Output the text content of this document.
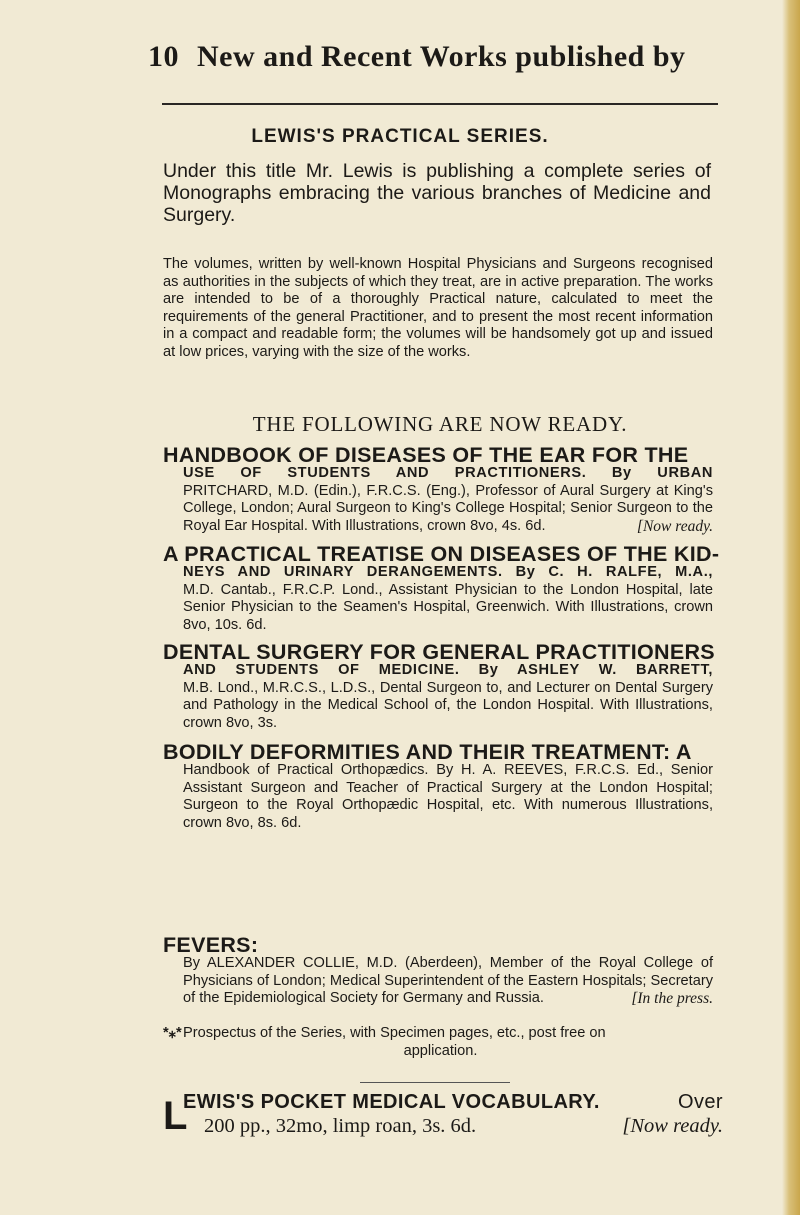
10 New and Recent Works published by
LEWIS'S PRACTICAL SERIES.
Under this title Mr. Lewis is publishing a complete series of Monographs embracing the various branches of Medicine and Surgery.
The volumes, written by well-known Hospital Physicians and Surgeons recognised as authorities in the subjects of which they treat, are in active preparation. The works are intended to be of a thoroughly Practical nature, calculated to meet the requirements of the general Practitioner, and to present the most recent information in a compact and readable form; the volumes will be handsomely got up and issued at low prices, varying with the size of the works.
THE FOLLOWING ARE NOW READY.
HANDBOOK OF DISEASES OF THE EAR FOR THE
USE OF STUDENTS AND PRACTITIONERS. By URBAN
PRITCHARD, M.D. (Edin.), F.R.C.S. (Eng.), Professor of Aural Surgery at King's College, London; Aural Surgeon to King's College Hospital; Senior Surgeon to the Royal Ear Hospital. With Illustrations, crown 8vo, 4s. 6d.	[Now ready.
A PRACTICAL TREATISE ON DISEASES OF THE KID-
NEYS AND URINARY DERANGEMENTS. By C. H. RALFE, M.A.,
M.D. Cantab., F.R.C.P. Lond., Assistant Physician to the London Hospital, late Senior Physician to the Seamen's Hospital, Greenwich. With Illustrations, crown 8vo, 10s. 6d.
DENTAL SURGERY FOR GENERAL PRACTITIONERS
AND STUDENTS OF MEDICINE. By ASHLEY W. BARRETT,
M.B. Lond., M.R.C.S., L.D.S., Dental Surgeon to, and Lecturer on Dental Surgery and Pathology in the Medical School of, the London Hospital. With Illustrations, crown 8vo, 3s.
BODILY DEFORMITIES AND THEIR TREATMENT: A
Handbook of Practical Orthopædics. By H. A. REEVES, F.R.C.S. Ed., Senior Assistant Surgeon and Teacher of Practical Surgery at the London Hospital; Surgeon to the Royal Orthopædic Hospital, etc. With numerous Illustrations, crown 8vo, 8s. 6d.
FEVERS:
By ALEXANDER COLLIE, M.D. (Aberdeen), Member of the Royal College of Physicians of London; Medical Superintendent of the Eastern Hospitals; Secretary of the Epidemiological Society for Germany and Russia.	[In the press.
*⁎*Prospectus of the Series, with Specimen pages, etc., post free on
application.
L
EWIS'S POCKET MEDICAL VOCABULARY.	Over
200 pp., 32mo, limp roan, 3s. 6d.	[Now ready.
